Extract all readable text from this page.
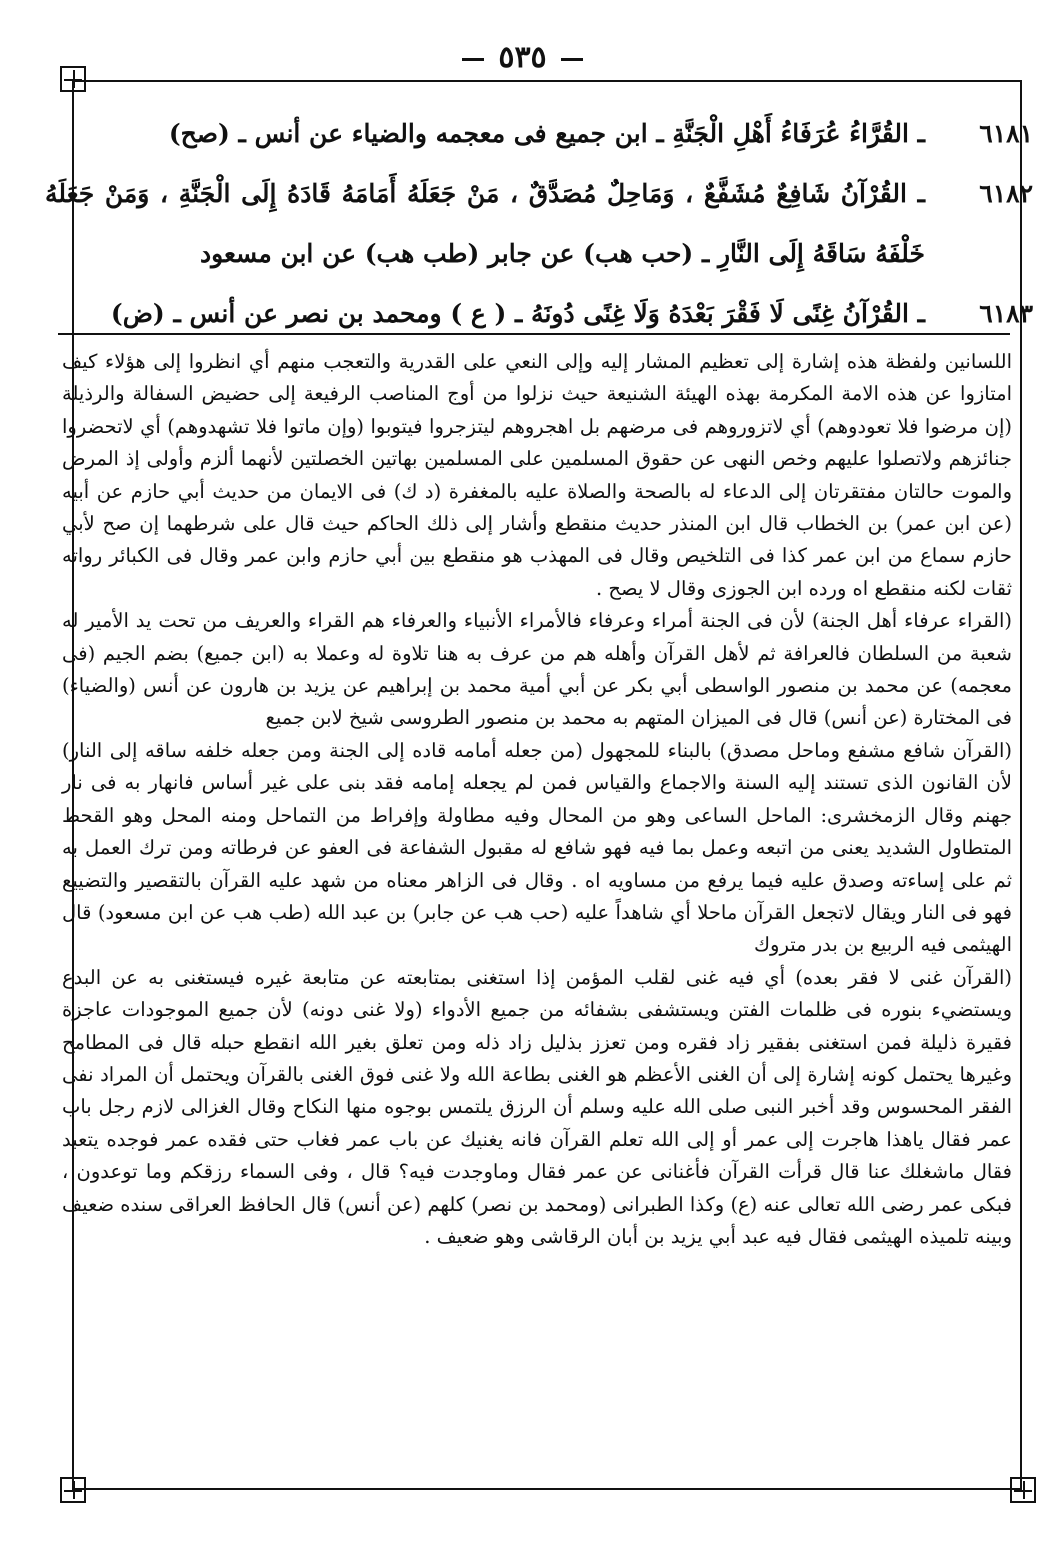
٥٣٥
٦١٨١
ـ القُرَّاءُ عُرَفَاءُ أَهْلِ الْجَنَّةِ ـ ابن جميع فى معجمه والضياء عن أنس ـ (صح)
٦١٨٢
ـ القُرْآنُ شَافِعٌ مُشَفَّعٌ ، وَمَاحِلٌ مُصَدَّقٌ ، مَنْ جَعَلَهُ أَمَامَهُ قَادَهُ إِلَى الْجَنَّةِ ، وَمَنْ جَعَلَهُ خَلْفَهُ سَاقَهُ إِلَى النَّارِ ـ (حب هب) عن جابر (طب هب) عن ابن مسعود
٦١٨٣
ـ القُرْآنُ غِنًى لَا فَقْرَ بَعْدَهُ وَلَا غِنًى دُونَهُ ـ ( ع ) ومحمد بن نصر عن أنس ـ (ض)

اللسانين ولفظة هذه إشارة إلى تعظيم المشار إليه وإلى النعي على القدرية والتعجب منهم أي انظروا إلى هؤلاء كيف امتازوا عن هذه الامة المكرمة بهذه الهيئة الشنيعة حيث نزلوا من أوج المناصب الرفيعة إلى حضيض السفالة والرذيلة (إن مرضوا فلا تعودوهم) أي لاتزوروهم فى مرضهم بل اهجروهم ليتزجروا فيتوبوا (وإن ماتوا فلا تشهدوهم) أي لاتحضروا جنائزهم ولاتصلوا عليهم وخص النهى عن حقوق المسلمين على المسلمين بهاتين الخصلتين لأنهما ألزم وأولى إذ المرض والموت حالتان مفتقرتان إلى الدعاء له بالصحة والصلاة عليه بالمغفرة (د ك) فى الايمان من حديث أبي حازم عن أبيه (عن ابن عمر) بن الخطاب قال ابن المنذر حديث منقطع وأشار إلى ذلك الحاكم حيث قال على شرطهما إن صح لأبي حازم سماع من ابن عمر كذا فى التلخيص وقال فى المهذب هو منقطع بين أبي حازم وابن عمر وقال فى الكبائر رواته ثقات لكنه منقطع اه ورده ابن الجوزى وقال لا يصح .

(القراء عرفاء أهل الجنة) لأن فى الجنة أمراء وعرفاء فالأمراء الأنبياء والعرفاء هم القراء والعريف من تحت يد الأمير له شعبة من السلطان فالعرافة ثم لأهل القرآن وأهله هم من عرف به هنا تلاوة له وعملا به (ابن جميع) بضم الجيم (فى معجمه) عن محمد بن منصور الواسطى أبي بكر عن أبي أمية محمد بن إبراهيم عن يزيد بن هارون عن أنس (والضياء) فى المختارة (عن أنس) قال فى الميزان المتهم به محمد بن منصور الطروسى شيخ لابن جميع

(القرآن شافع مشفع وماحل مصدق) بالبناء للمجهول (من جعله أمامه قاده إلى الجنة ومن جعله خلفه ساقه إلى النار) لأن القانون الذى تستند إليه السنة والاجماع والقياس فمن لم يجعله إمامه فقد بنى على غير أساس فانهار به فى نار جهنم وقال الزمخشرى: الماحل الساعى وهو من المحال وفيه مطاولة وإفراط من التماحل ومنه المحل وهو القحط المتطاول الشديد يعنى من اتبعه وعمل بما فيه فهو شافع له مقبول الشفاعة فى العفو عن فرطاته ومن ترك العمل به ثم على إساءته وصدق عليه فيما يرفع من مساويه اه . وقال فى الزاهر معناه من شهد عليه القرآن بالتقصير والتضييع فهو فى النار ويقال لاتجعل القرآن ماحلا أي شاهداً عليه (حب هب عن جابر) بن عبد الله (طب هب عن ابن مسعود) قال الهيثمى فيه الربيع بن بدر متروك

(القرآن غنى لا فقر بعده) أي فيه غنى لقلب المؤمن إذا استغنى بمتابعته عن متابعة غيره فيستغنى به عن البدع ويستضيء بنوره فى ظلمات الفتن ويستشفى بشفائه من جميع الأدواء (ولا غنى دونه) لأن جميع الموجودات عاجزة فقيرة ذليلة فمن استغنى بفقير زاد فقره ومن تعزز بذليل زاد ذله ومن تعلق بغير الله انقطع حبله قال فى المطامح وغيرها يحتمل كونه إشارة إلى أن الغنى الأعظم هو الغنى بطاعة الله ولا غنى فوق الغنى بالقرآن ويحتمل أن المراد نفى الفقر المحسوس وقد أخبر النبى صلى الله عليه وسلم أن الرزق يلتمس بوجوه منها النكاح وقال الغزالى لازم رجل باب عمر فقال ياهذا هاجرت إلى عمر أو إلى الله تعلم القرآن فانه يغنيك عن باب عمر فغاب حتى فقده عمر فوجده يتعبد فقال ماشغلك عنا قال قرأت القرآن فأغنانى عن عمر فقال وماوجدت فيه؟ قال ، وفى السماء رزقكم وما توعدون ، فبكى عمر رضى الله تعالى عنه (ع) وكذا الطبرانى (ومحمد بن نصر) كلهم (عن أنس) قال الحافظ العراقى سنده ضعيف وبينه تلميذه الهيثمى فقال فيه عبد أبي يزيد بن أبان الرقاشى وهو ضعيف .
